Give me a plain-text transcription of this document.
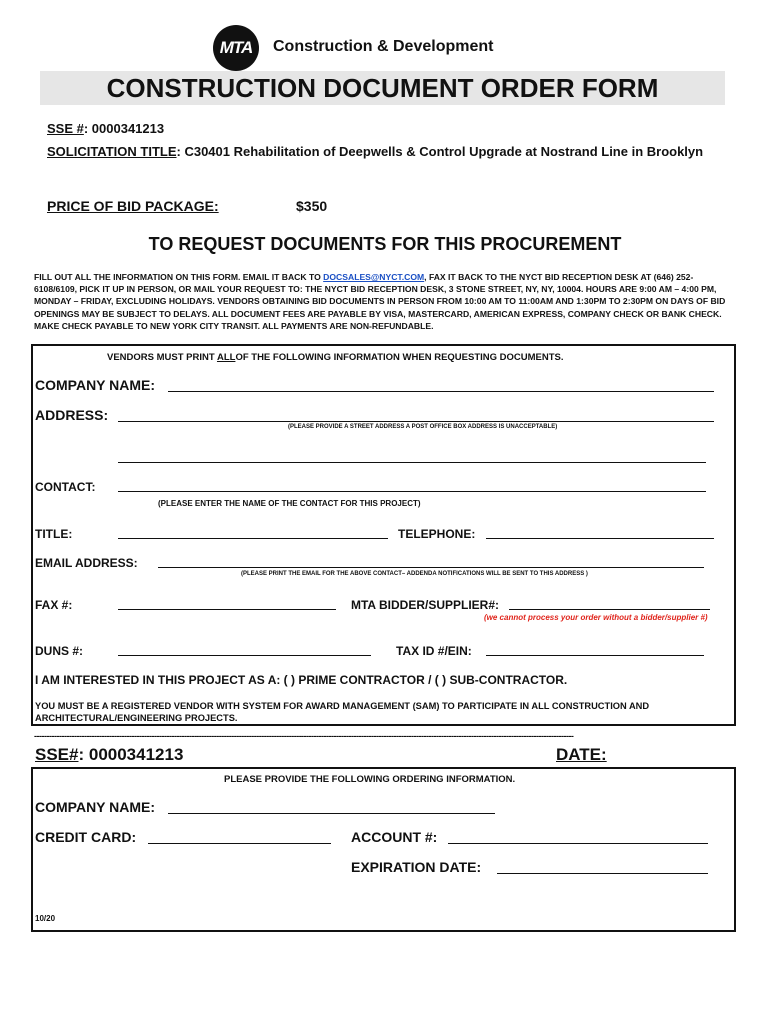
MTA	Construction & Development
CONSTRUCTION DOCUMENT ORDER FORM
SSE #: 0000341213
SOLICITATION TITLE: C30401 Rehabilitation of Deepwells & Control Upgrade at Nostrand Line in Brooklyn
PRICE OF BID PACKAGE:	$350
TO REQUEST DOCUMENTS FOR THIS PROCUREMENT
FILL OUT ALL THE INFORMATION ON THIS FORM. EMAIL IT BACK TO DOCSALES@NYCT.COM, FAX IT BACK TO THE NYCT BID RECEPTION DESK AT (646) 252-6108/6109, PICK IT UP IN PERSON, OR MAIL YOUR REQUEST TO: THE NYCT BID RECEPTION DESK, 3 STONE STREET, NY, NY, 10004. HOURS ARE 9:00 AM – 4:00 PM, MONDAY – FRIDAY, EXCLUDING HOLIDAYS. VENDORS OBTAINING BID DOCUMENTS IN PERSON FROM 10:00 AM TO 11:00AM AND 1:30PM TO 2:30PM ON DAYS OF BID OPENINGS MAY BE SUBJECT TO DELAYS. ALL DOCUMENT FEES ARE PAYABLE BY VISA, MASTERCARD, AMERICAN EXPRESS, COMPANY CHECK OR BANK CHECK. MAKE CHECK PAYABLE TO NEW YORK CITY TRANSIT. ALL PAYMENTS ARE NON-REFUNDABLE.
VENDORS MUST PRINT ALLOF THE FOLLOWING INFORMATION WHEN REQUESTING DOCUMENTS.
COMPANY NAME:
ADDRESS:
(PLEASE PROVIDE A STREET ADDRESS A POST OFFICE BOX ADDRESS IS UNACCEPTABLE)
CONTACT:
(PLEASE ENTER THE NAME OF THE CONTACT FOR THIS PROJECT)
TITLE:	TELEPHONE:
EMAIL ADDRESS:
(PLEASE PRINT THE EMAIL FOR THE ABOVE CONTACT– ADDENDA NOTIFICATIONS WILL BE SENT TO THIS ADDRESS )
FAX #:	MTA BIDDER/SUPPLIER#:
(we cannot process your order without a bidder/supplier #)
DUNS #:	TAX ID #/EIN:
I AM INTERESTED IN THIS PROJECT AS A: ( ) PRIME CONTRACTOR / ( ) SUB-CONTRACTOR.
YOU MUST BE A REGISTERED VENDOR WITH SYSTEM FOR AWARD MANAGEMENT (SAM) TO PARTICIPATE IN ALL CONSTRUCTION AND ARCHITECTURAL/ENGINEERING PROJECTS.
------------------------------------------------------------------------------------------------------------------------------------------------------------------------------------------------------------------------
SSE#: 0000341213	DATE:
PLEASE PROVIDE THE FOLLOWING ORDERING INFORMATION.
COMPANY NAME:
CREDIT CARD:	ACCOUNT #:
EXPIRATION DATE:
10/20
